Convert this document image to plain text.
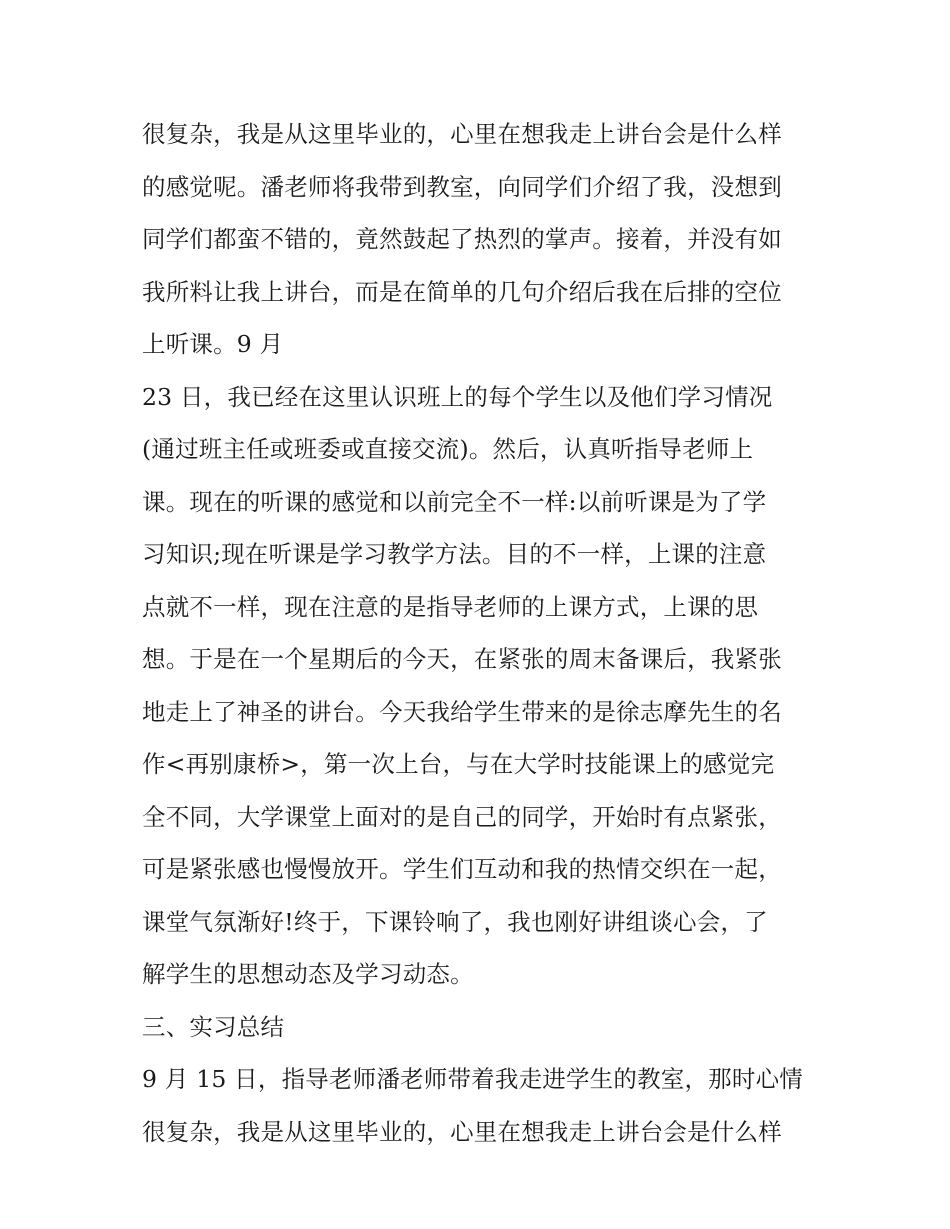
很复杂，我是从这里毕业的，心里在想我走上讲台会是什么样
的感觉呢。潘老师将我带到教室，向同学们介绍了我，没想到
同学们都蛮不错的，竟然鼓起了热烈的掌声。接着，并没有如
我所料让我上讲台，而是在简单的几句介绍后我在后排的空位
上听课。9 月
23 日，我已经在这里认识班上的每个学生以及他们学习情况
(通过班主任或班委或直接交流)。然后，认真听指导老师上
课。现在的听课的感觉和以前完全不一样:以前听课是为了学
习知识;现在听课是学习教学方法。目的不一样，上课的注意
点就不一样，现在注意的是指导老师的上课方式，上课的思
想。于是在一个星期后的今天，在紧张的周末备课后，我紧张
地走上了神圣的讲台。今天我给学生带来的是徐志摩先生的名
作<再别康桥>，第一次上台，与在大学时技能课上的感觉完
全不同，大学课堂上面对的是自己的同学，开始时有点紧张，
可是紧张感也慢慢放开。学生们互动和我的热情交织在一起，
课堂气氛渐好!终于，下课铃响了，我也刚好讲组谈心会，了
解学生的思想动态及学习动态。
三、实习总结
9 月 15 日，指导老师潘老师带着我走进学生的教室，那时心情
很复杂，我是从这里毕业的，心里在想我走上讲台会是什么样
